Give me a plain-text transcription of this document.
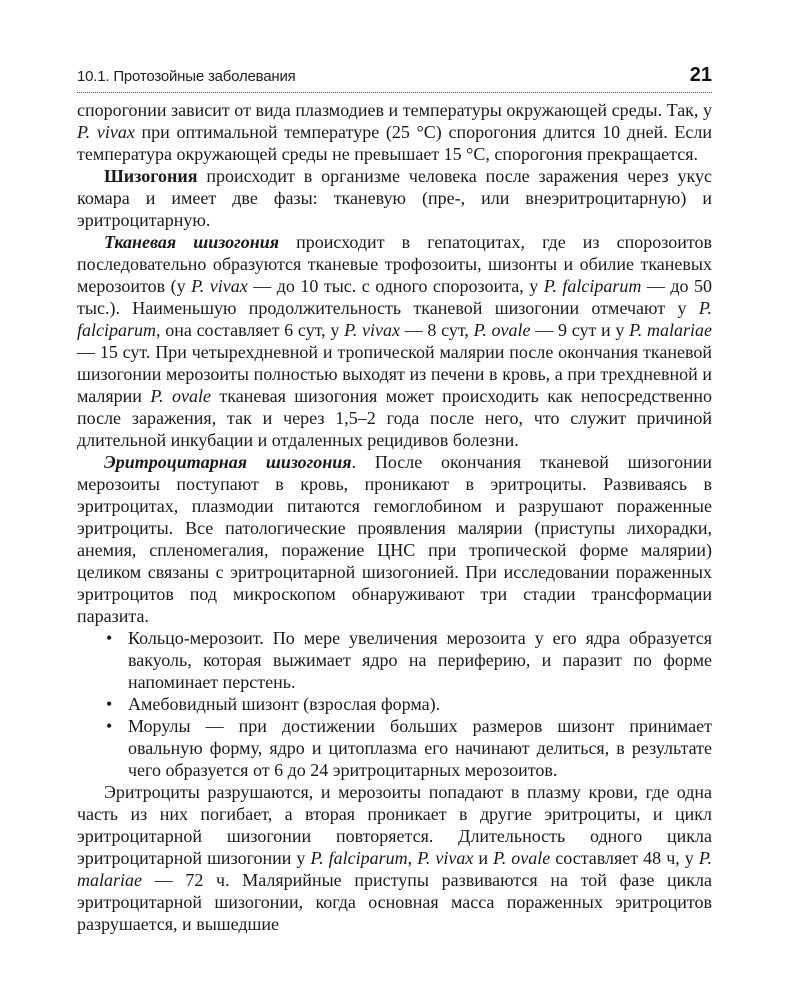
10.1. Протозойные заболевания	21

спорогонии зависит от вида плазмодиев и температуры окружающей среды. Так, у P. vivax при оптимальной температуре (25 °С) спорогония длится 10 дней. Если температура окружающей среды не превышает 15 °С, спорогония прекращается.

Шизогония происходит в организме человека после заражения через укус комара и имеет две фазы: тканевую (пре-, или внеэритроцитарную) и эритроцитарную.

Тканевая шизогония происходит в гепатоцитах, где из спорозоитов последовательно образуются тканевые трофозоиты, шизонты и обилие тканевых мерозоитов (у P. vivax — до 10 тыс. с одного спорозоита, у P. falciparum — до 50 тыс.). Наименьшую продолжительность тканевой шизогонии отмечают у P. falciparum, она составляет 6 сут, у P. vivax — 8 сут, P. ovale — 9 сут и у P. malariae — 15 сут. При четырехдневной и тропической малярии после окончания тканевой шизогонии мерозоиты полностью выходят из печени в кровь, а при трехдневной и малярии P. ovale тканевая шизогония может происходить как непосредственно после заражения, так и через 1,5–2 года после него, что служит причиной длительной инкубации и отдаленных рецидивов болезни.

Эритроцитарная шизогония. После окончания тканевой шизогонии мерозоиты поступают в кровь, проникают в эритроциты. Развиваясь в эритроцитах, плазмодии питаются гемоглобином и разрушают пораженные эритроциты. Все патологические проявления малярии (приступы лихорадки, анемия, спленомегалия, поражение ЦНС при тропической форме малярии) целиком связаны с эритроцитарной шизогонией. При исследовании пораженных эритроцитов под микроскопом обнаруживают три стадии трансформации паразита.

• Кольцо-мерозоит. По мере увеличения мерозоита у его ядра образуется вакуоль, которая выжимает ядро на периферию, и паразит по форме напоминает перстень.
• Амебовидный шизонт (взрослая форма).
• Морулы — при достижении больших размеров шизонт принимает овальную форму, ядро и цитоплазма его начинают делиться, в результате чего образуется от 6 до 24 эритроцитарных мерозоитов.

Эритроциты разрушаются, и мерозоиты попадают в плазму крови, где одна часть из них погибает, а вторая проникает в другие эритроциты, и цикл эритроцитарной шизогонии повторяется. Длительность одного цикла эритроцитарной шизогонии у P. falciparum, P. vivax и P. ovale составляет 48 ч, у P. malariae — 72 ч. Малярийные приступы развиваются на той фазе цикла эритроцитарной шизогонии, когда основная масса пораженных эритроцитов разрушается, и вышедшие
